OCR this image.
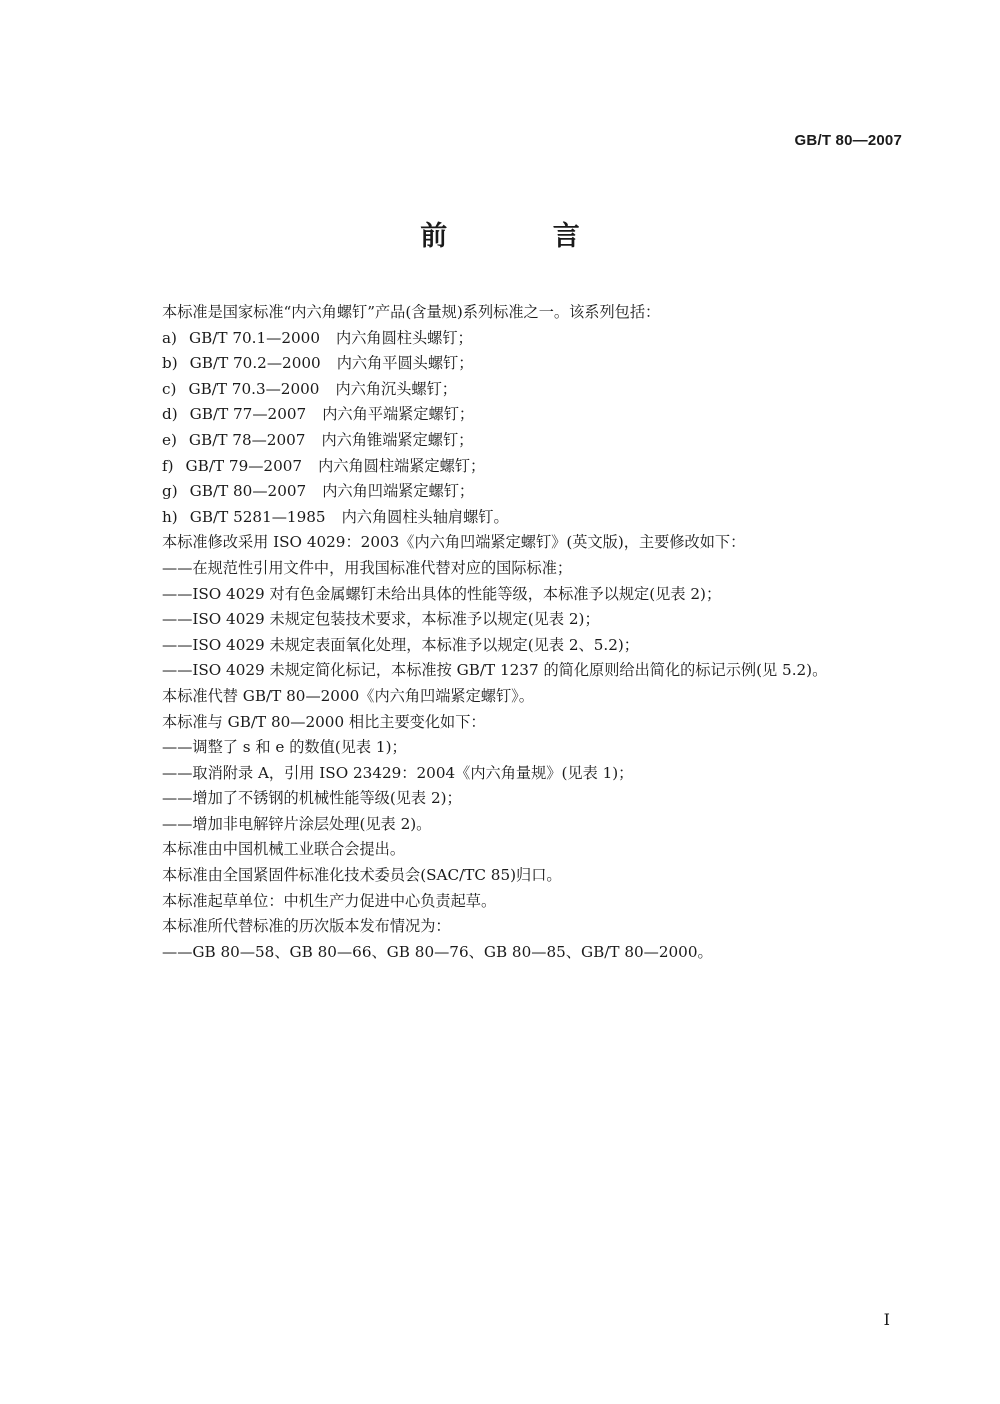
GB/T 80—2007
前 言
本标准是国家标准“内六角螺钉”产品(含量规)系列标准之一。该系列包括：
a) GB/T 70.1—2000 内六角圆柱头螺钉；
b) GB/T 70.2—2000 内六角平圆头螺钉；
c) GB/T 70.3—2000 内六角沉头螺钉；
d) GB/T 77—2007 内六角平端紧定螺钉；
e) GB/T 78—2007 内六角锥端紧定螺钉；
f) GB/T 79—2007 内六角圆柱端紧定螺钉；
g) GB/T 80—2007 内六角凹端紧定螺钉；
h) GB/T 5281—1985 内六角圆柱头轴肩螺钉。
本标准修改采用 ISO 4029：2003《内六角凹端紧定螺钉》(英文版)，主要修改如下：
——在规范性引用文件中，用我国标准代替对应的国际标准；
——ISO 4029 对有色金属螺钉未给出具体的性能等级，本标准予以规定(见表 2)；
——ISO 4029 未规定包装技术要求，本标准予以规定(见表 2)；
——ISO 4029 未规定表面氧化处理，本标准予以规定(见表 2、5.2)；
——ISO 4029 未规定简化标记，本标准按 GB/T 1237 的简化原则给出简化的标记示例(见 5.2)。
本标准代替 GB/T 80—2000《内六角凹端紧定螺钉》。
本标准与 GB/T 80—2000 相比主要变化如下：
——调整了 s 和 e 的数值(见表 1)；
——取消附录 A，引用 ISO 23429：2004《内六角量规》(见表 1)；
——增加了不锈钢的机械性能等级(见表 2)；
——增加非电解锌片涂层处理(见表 2)。
本标准由中国机械工业联合会提出。
本标准由全国紧固件标准化技术委员会(SAC/TC 85)归口。
本标准起草单位：中机生产力促进中心负责起草。
本标准所代替标准的历次版本发布情况为：
——GB 80—58、GB 80—66、GB 80—76、GB 80—85、GB/T 80—2000。
I
